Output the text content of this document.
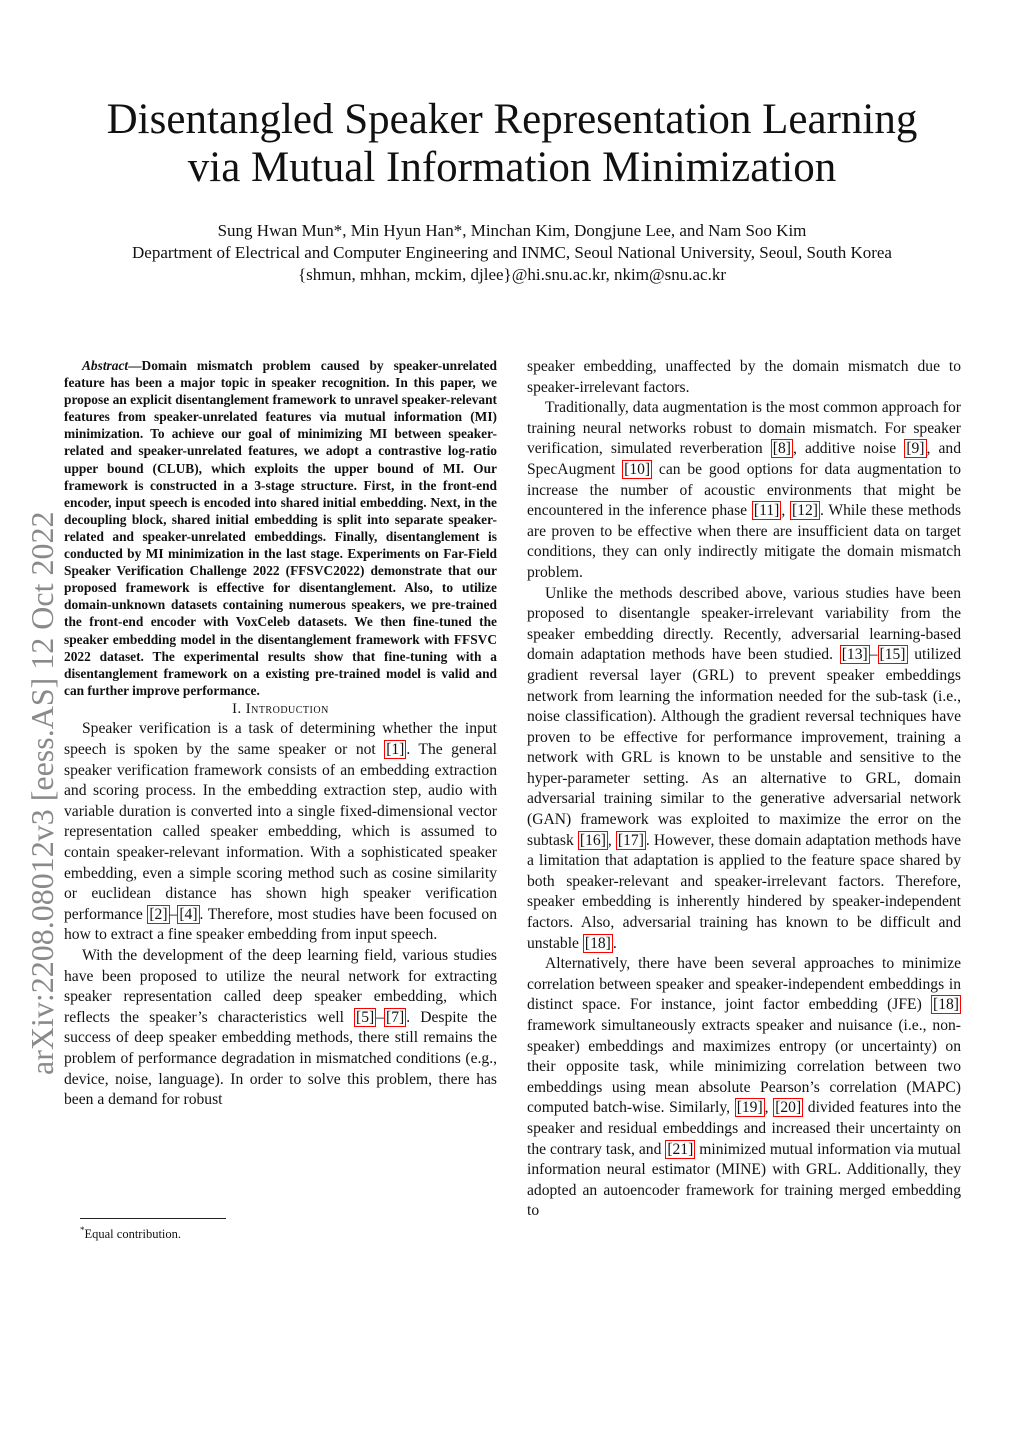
Disentangled Speaker Representation Learning
via Mutual Information Minimization
Sung Hwan Mun*, Min Hyun Han*, Minchan Kim, Dongjune Lee, and Nam Soo Kim
Department of Electrical and Computer Engineering and INMC, Seoul National University, Seoul, South Korea
{shmun, mhhan, mckim, djlee}@hi.snu.ac.kr, nkim@snu.ac.kr
arXiv:2208.08012v3 [eess.AS] 12 Oct 2022

Abstract—Domain mismatch problem caused by speaker-unrelated feature has been a major topic in speaker recognition. In this paper, we propose an explicit disentanglement framework to unravel speaker-relevant features from speaker-unrelated features via mutual information (MI) minimization. To achieve our goal of minimizing MI between speaker-related and speaker-unrelated features, we adopt a contrastive log-ratio upper bound (CLUB), which exploits the upper bound of MI. Our framework is constructed in a 3-stage structure. First, in the front-end encoder, input speech is encoded into shared initial embedding. Next, in the decoupling block, shared initial embedding is split into separate speaker-related and speaker-unrelated embeddings. Finally, disentanglement is conducted by MI minimization in the last stage. Experiments on Far-Field Speaker Verification Challenge 2022 (FFSVC2022) demonstrate that our proposed framework is effective for disentanglement. Also, to utilize domain-unknown datasets containing numerous speakers, we pre-trained the front-end encoder with VoxCeleb datasets. We then fine-tuned the speaker embedding model in the disentanglement framework with FFSVC 2022 dataset. The experimental results show that fine-tuning with a disentanglement framework on a existing pre-trained model is valid and can further improve performance.

I. Introduction

Speaker verification is a task of determining whether the input speech is spoken by the same speaker or not [1] . The general speaker verification framework consists of an embedding extraction and scoring process. In the embedding extraction step, audio with variable duration is converted into a single fixed-dimensional vector representation called speaker embedding, which is assumed to contain speaker-relevant information. With a sophisticated speaker embedding, even a simple scoring method such as cosine similarity or euclidean distance has shown high speaker verification performance [2] – [4] . Therefore, most studies have been focused on how to extract a fine speaker embedding from input speech.

With the development of the deep learning field, various studies have been proposed to utilize the neural network for extracting speaker representation called deep speaker embedding, which reflects the speaker’s characteristics well [5] – [7] . Despite the success of deep speaker embedding methods, there still remains the problem of performance degradation in mismatched conditions (e.g., device, noise, language). In order to solve this problem, there has been a demand for robust

*Equal contribution.

speaker embedding, unaffected by the domain mismatch due to speaker-irrelevant factors.

Traditionally, data augmentation is the most common approach for training neural networks robust to domain mismatch. For speaker verification, simulated reverberation [8] , additive noise [9] , and SpecAugment [10] can be good options for data augmentation to increase the number of acoustic environments that might be encountered in the inference phase [11] , [12] . While these methods are proven to be effective when there are insufficient data on target conditions, they can only indirectly mitigate the domain mismatch problem.

Unlike the methods described above, various studies have been proposed to disentangle speaker-irrelevant variability from the speaker embedding directly. Recently, adversarial learning-based domain adaptation methods have been studied. [13] – [15] utilized gradient reversal layer (GRL) to prevent speaker embeddings network from learning the information needed for the sub-task (i.e., noise classification). Although the gradient reversal techniques have proven to be effective for performance improvement, training a network with GRL is known to be unstable and sensitive to the hyper-parameter setting. As an alternative to GRL, domain adversarial training similar to the generative adversarial network (GAN) framework was exploited to maximize the error on the subtask [16] , [17] . However, these domain adaptation methods have a limitation that adaptation is applied to the feature space shared by both speaker-relevant and speaker-irrelevant factors. Therefore, speaker embedding is inherently hindered by speaker-independent factors. Also, adversarial training has known to be difficult and unstable [18] .

Alternatively, there have been several approaches to minimize correlation between speaker and speaker-independent embeddings in distinct space. For instance, joint factor embedding (JFE) [18] framework simultaneously extracts speaker and nuisance (i.e., non-speaker) embeddings and maximizes entropy (or uncertainty) on their opposite task, while minimizing correlation between two embeddings using mean absolute Pearson’s correlation (MAPC) computed batch-wise. Similarly, [19] , [20] divided features into the speaker and residual embeddings and increased their uncertainty on the contrary task, and [21] minimized mutual information via mutual information neural estimator (MINE) with GRL. Additionally, they adopted an autoencoder framework for training merged embedding to
